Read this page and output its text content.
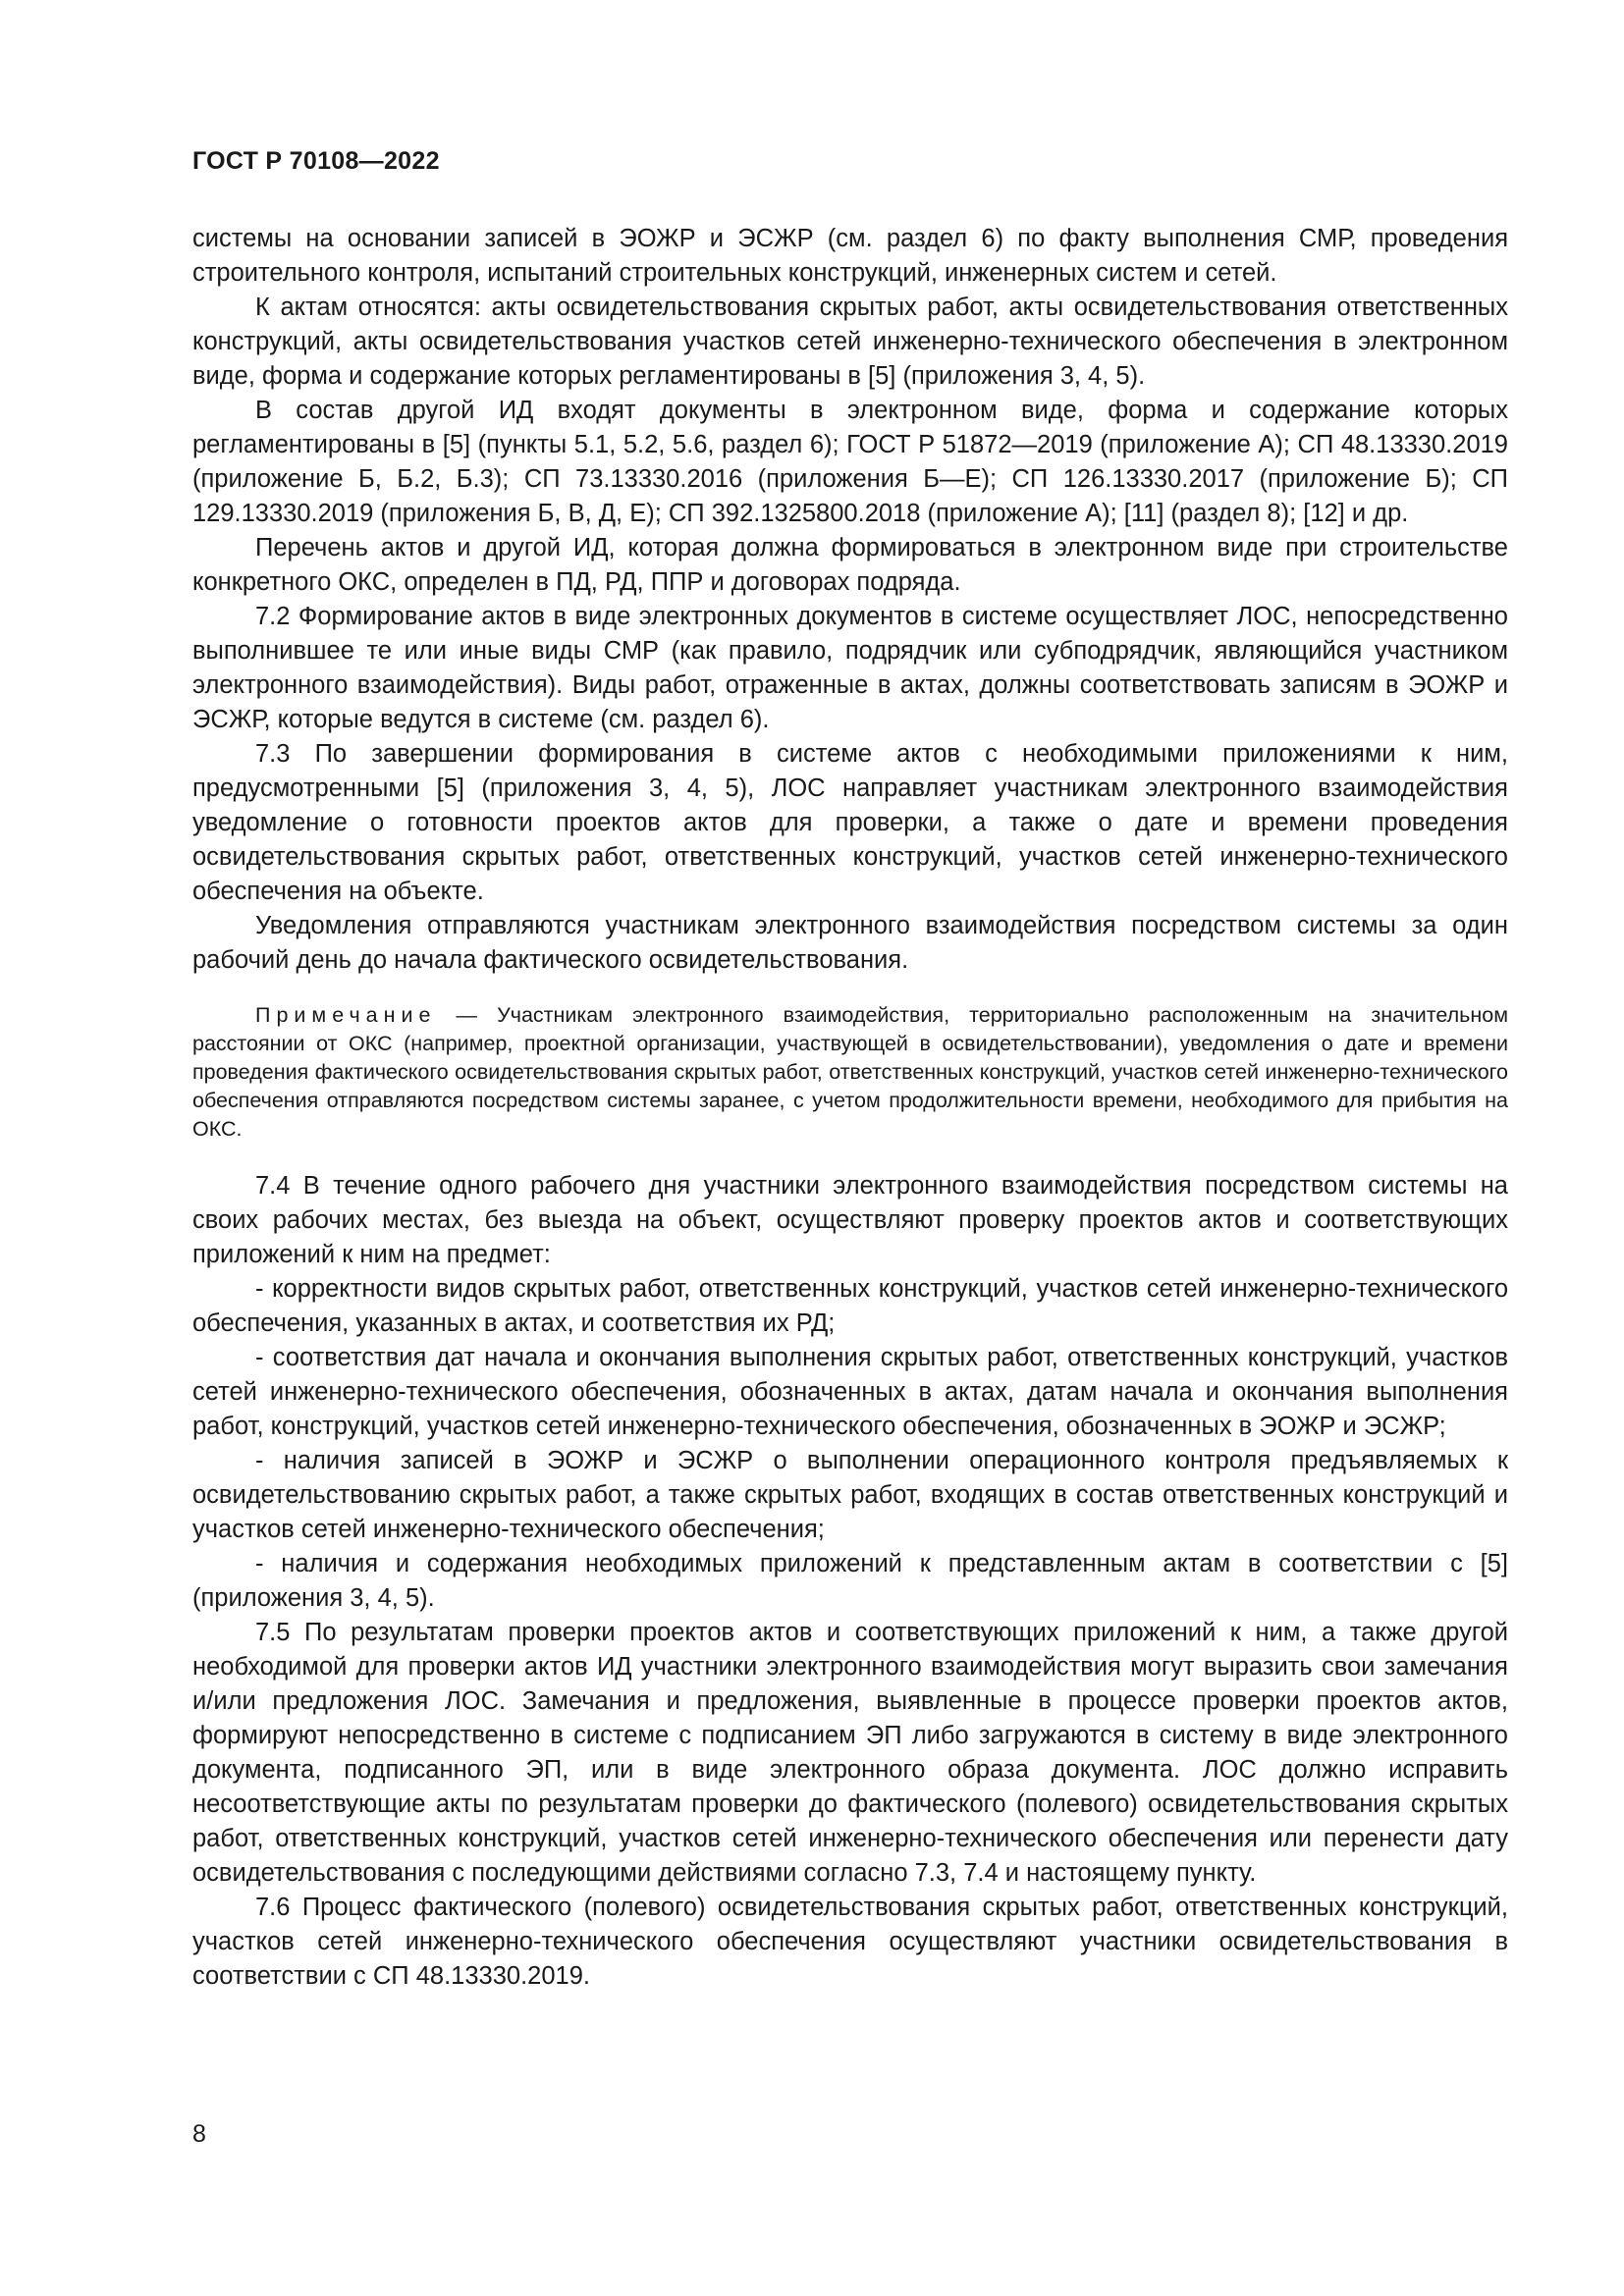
ГОСТ Р 70108—2022

системы на основании записей в ЭОЖР и ЭСЖР (см. раздел 6) по факту выполнения СМР, проведения строительного контроля, испытаний строительных конструкций, инженерных систем и сетей.

К актам относятся: акты освидетельствования скрытых работ, акты освидетельствования ответственных конструкций, акты освидетельствования участков сетей инженерно-технического обеспечения в электронном виде, форма и содержание которых регламентированы в [5] (приложения 3, 4, 5).

В состав другой ИД входят документы в электронном виде, форма и содержание которых регламентированы в [5] (пункты 5.1, 5.2, 5.6, раздел 6); ГОСТ Р 51872—2019 (приложение А); СП 48.13330.2019 (приложение Б, Б.2, Б.3); СП 73.13330.2016 (приложения Б—Е); СП 126.13330.2017 (приложение Б); СП 129.13330.2019 (приложения Б, В, Д, Е); СП 392.1325800.2018 (приложение А); [11] (раздел 8); [12] и др.

Перечень актов и другой ИД, которая должна формироваться в электронном виде при строительстве конкретного ОКС, определен в ПД, РД, ППР и договорах подряда.

7.2 Формирование актов в виде электронных документов в системе осуществляет ЛОС, непосредственно выполнившее те или иные виды СМР (как правило, подрядчик или субподрядчик, являющийся участником электронного взаимодействия). Виды работ, отраженные в актах, должны соответствовать записям в ЭОЖР и ЭСЖР, которые ведутся в системе (см. раздел 6).

7.3 По завершении формирования в системе актов с необходимыми приложениями к ним, предусмотренными [5] (приложения 3, 4, 5), ЛОС направляет участникам электронного взаимодействия уведомление о готовности проектов актов для проверки, а также о дате и времени проведения освидетельствования скрытых работ, ответственных конструкций, участков сетей инженерно-технического обеспечения на объекте.

Уведомления отправляются участникам электронного взаимодействия посредством системы за один рабочий день до начала фактического освидетельствования.

Примечание — Участникам электронного взаимодействия, территориально расположенным на значительном расстоянии от ОКС (например, проектной организации, участвующей в освидетельствовании), уведомления о дате и времени проведения фактического освидетельствования скрытых работ, ответственных конструкций, участков сетей инженерно-технического обеспечения отправляются посредством системы заранее, с учетом продолжительности времени, необходимого для прибытия на ОКС.

7.4 В течение одного рабочего дня участники электронного взаимодействия посредством системы на своих рабочих местах, без выезда на объект, осуществляют проверку проектов актов и соответствующих приложений к ним на предмет:

- корректности видов скрытых работ, ответственных конструкций, участков сетей инженерно-технического обеспечения, указанных в актах, и соответствия их РД;

- соответствия дат начала и окончания выполнения скрытых работ, ответственных конструкций, участков сетей инженерно-технического обеспечения, обозначенных в актах, датам начала и окончания выполнения работ, конструкций, участков сетей инженерно-технического обеспечения, обозначенных в ЭОЖР и ЭСЖР;

- наличия записей в ЭОЖР и ЭСЖР о выполнении операционного контроля предъявляемых к освидетельствованию скрытых работ, а также скрытых работ, входящих в состав ответственных конструкций и участков сетей инженерно-технического обеспечения;

- наличия и содержания необходимых приложений к представленным актам в соответствии с [5] (приложения 3, 4, 5).

7.5 По результатам проверки проектов актов и соответствующих приложений к ним, а также другой необходимой для проверки актов ИД участники электронного взаимодействия могут выразить свои замечания и/или предложения ЛОС. Замечания и предложения, выявленные в процессе проверки проектов актов, формируют непосредственно в системе с подписанием ЭП либо загружаются в систему в виде электронного документа, подписанного ЭП, или в виде электронного образа документа. ЛОС должно исправить несоответствующие акты по результатам проверки до фактического (полевого) освидетельствования скрытых работ, ответственных конструкций, участков сетей инженерно-технического обеспечения или перенести дату освидетельствования с последующими действиями согласно 7.3, 7.4 и настоящему пункту.

7.6 Процесс фактического (полевого) освидетельствования скрытых работ, ответственных конструкций, участков сетей инженерно-технического обеспечения осуществляют участники освидетельствования в соответствии с СП 48.13330.2019.

8
